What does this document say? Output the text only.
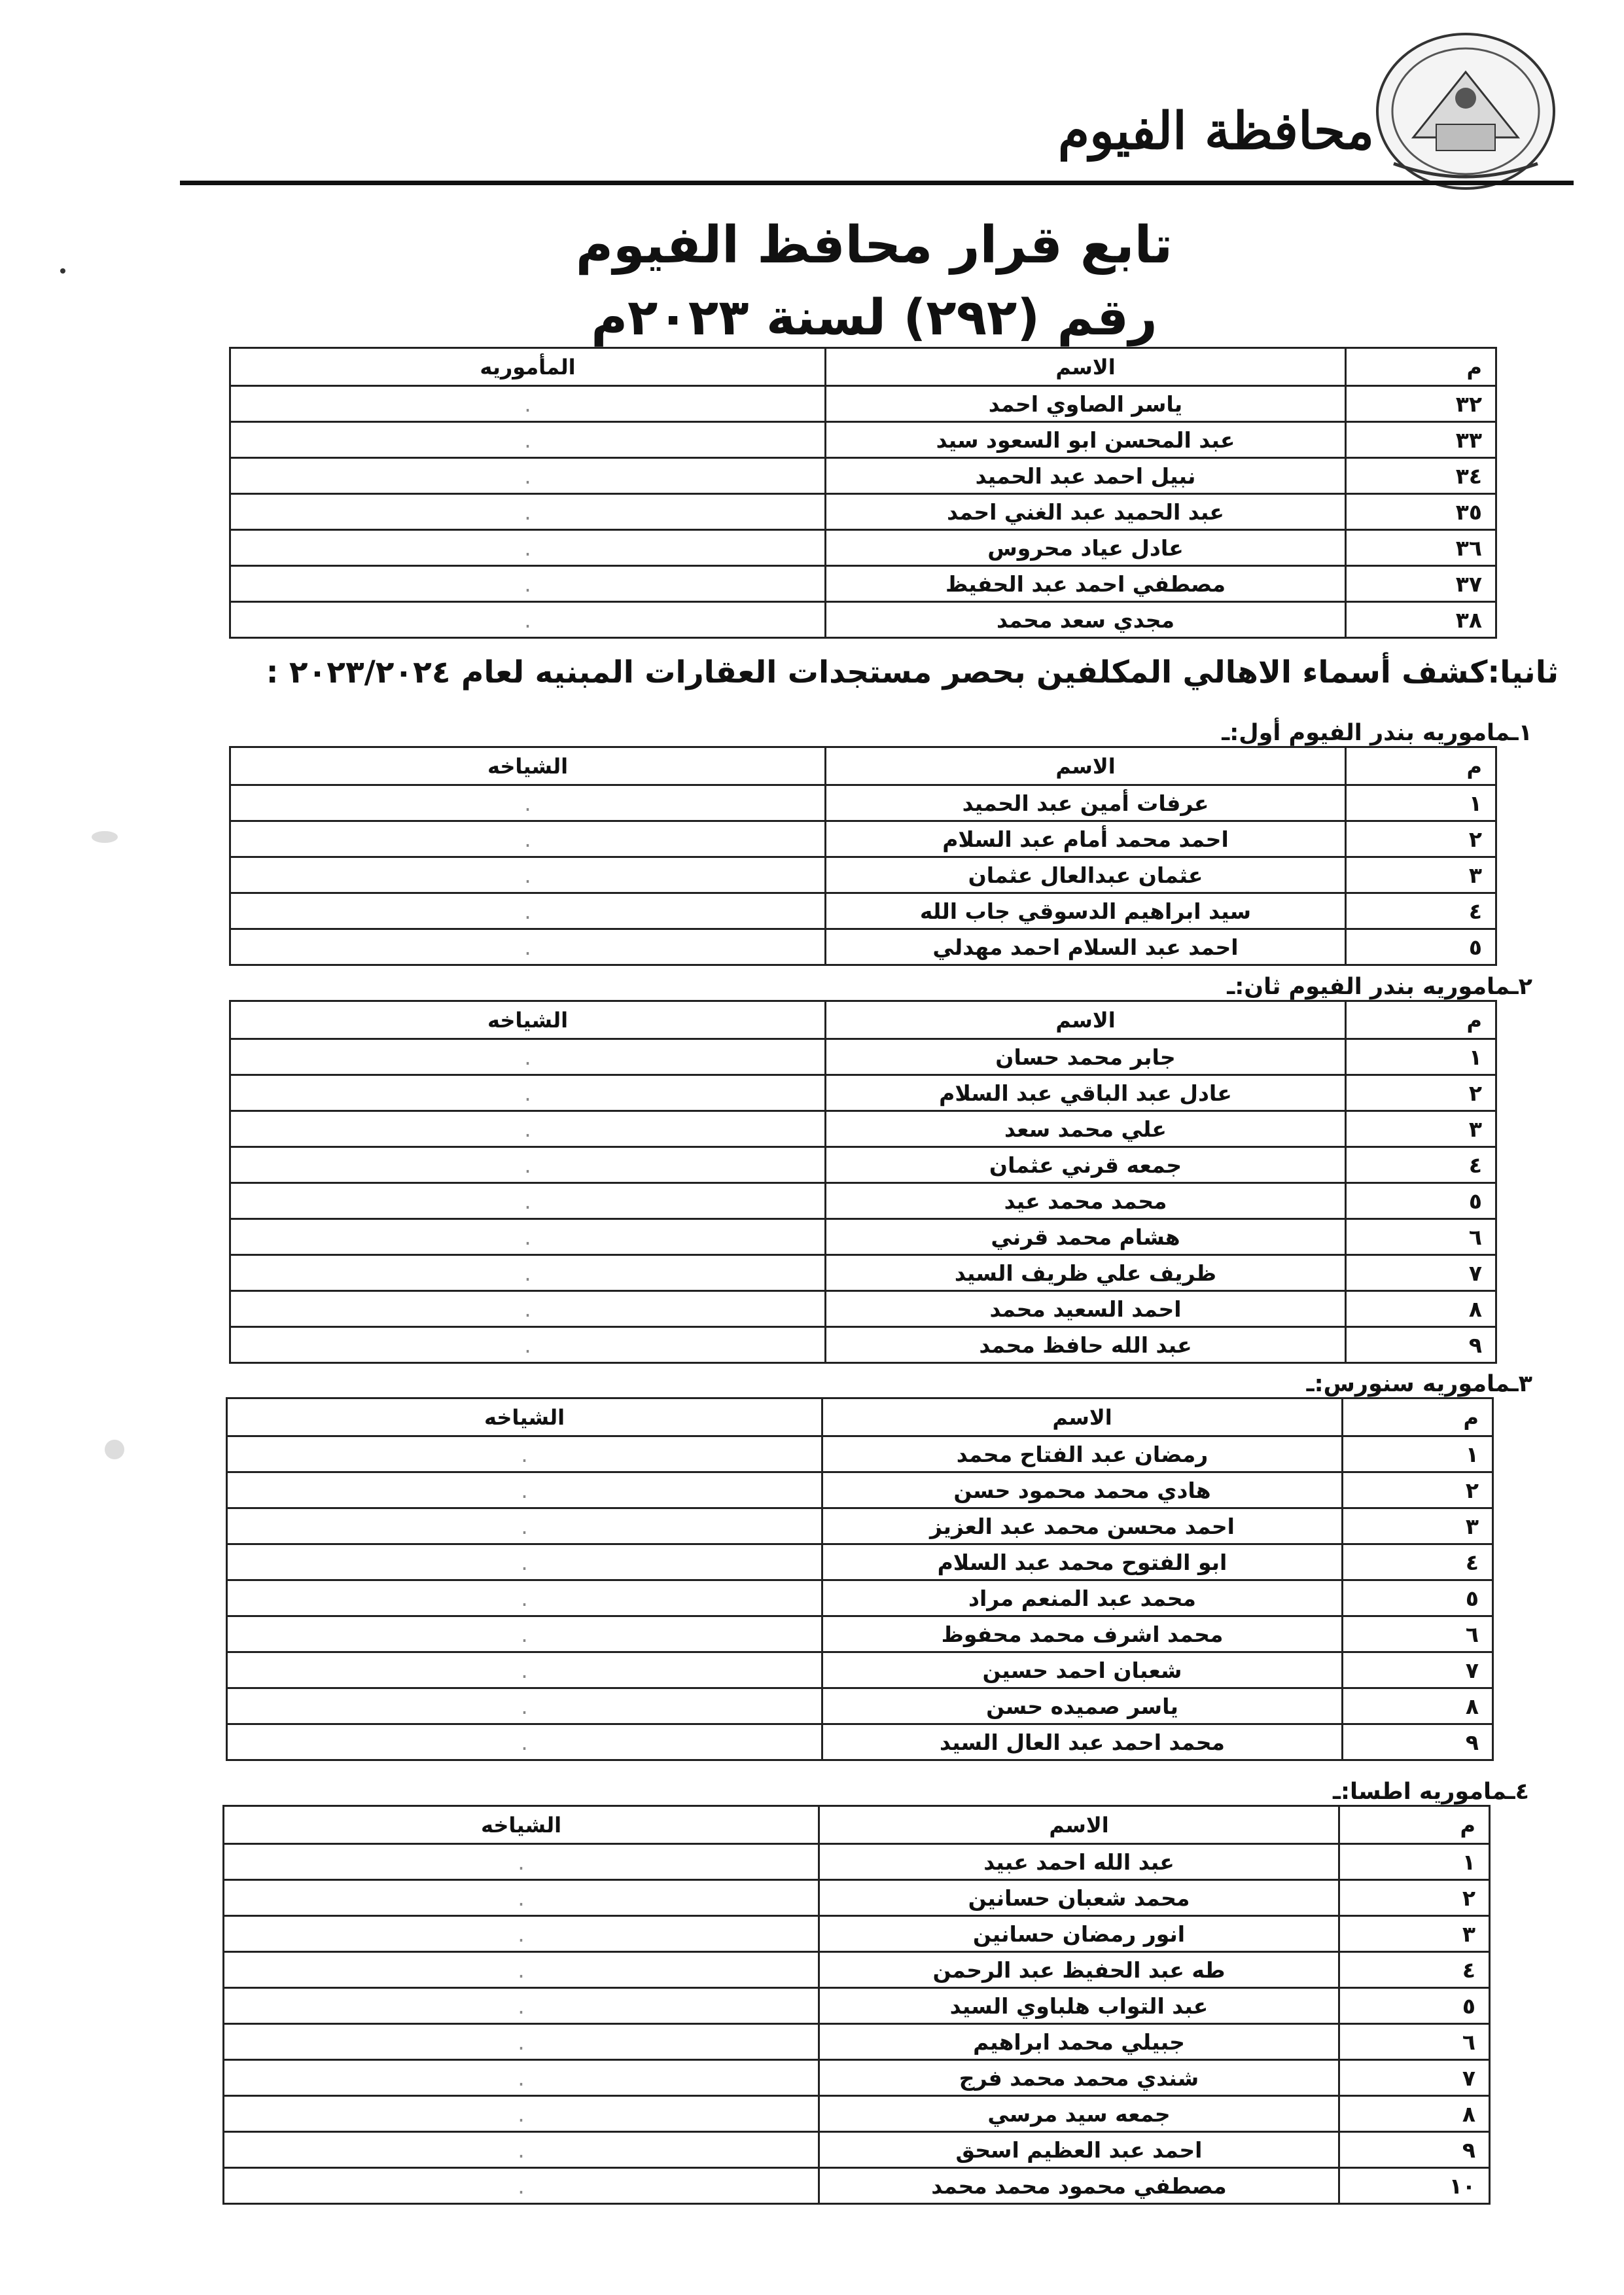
محافظة الفيوم
تابع قرار محافظ الفيوم
رقم (٢٩٢) لسنة ٢٠٢٣م
م	الاسم	المأموريه
٣٢	ياسر الصاوي احمد	.
٣٣	عبد المحسن ابو السعود سيد	.
٣٤	نبيل احمد عبد الحميد	.
٣٥	عبد الحميد عبد الغني احمد	.
٣٦	عادل عياد محروس	.
٣٧	مصطفي احمد عبد الحفيظ	.
٣٨	مجدي سعد محمد	.
ثانيا:كشف أسماء الاهالي المكلفين بحصر مستجدات العقارات المبنيه لعام ٢٠٢٣/٢٠٢٤ :
١ـماموريه بندر الفيوم أول:ـ
م	الاسم	الشياخه
١	عرفات أمين عبد الحميد	.
٢	احمد محمد أمام عبد السلام	.
٣	عثمان عبدالعال عثمان	.
٤	سيد ابراهيم الدسوقي جاب الله	.
٥	احمد عبد السلام احمد مهدلي	.
٢ـماموريه بندر الفيوم ثان:ـ
م	الاسم	الشياخه
١	جابر محمد حسان	.
٢	عادل عبد الباقي عبد السلام	.
٣	علي محمد سعد	.
٤	جمعه قرني عثمان	.
٥	محمد محمد عيد	.
٦	هشام محمد قرني	.
٧	ظريف علي ظريف السيد	.
٨	احمد السعيد محمد	.
٩	عبد الله حافظ محمد	.
٣ـماموريه سنورس:ـ
م	الاسم	الشياخه
١	رمضان عبد الفتاح محمد	.
٢	هادي محمد محمود حسن	.
٣	احمد محسن محمد عبد العزيز	.
٤	ابو الفتوح محمد عبد السلام	.
٥	محمد عبد المنعم مراد	.
٦	محمد اشرف محمد محفوظ	.
٧	شعبان احمد حسين	.
٨	ياسر صميده حسن	.
٩	محمد احمد عبد العال السيد	.
٤ـماموريه اطسا:ـ
م	الاسم	الشياخه
١	عبد الله احمد عبيد	.
٢	محمد شعبان حسانين	.
٣	انور رمضان حسانين	.
٤	طه عبد الحفيظ عبد الرحمن	.
٥	عبد التواب هلباوي السيد	.
٦	جبيلي محمد ابراهيم	.
٧	شندي محمد محمد فرج	.
٨	جمعه سيد مرسي	.
٩	احمد عبد العظيم اسحق	.
١٠	مصطفي محمود محمد محمد	.
